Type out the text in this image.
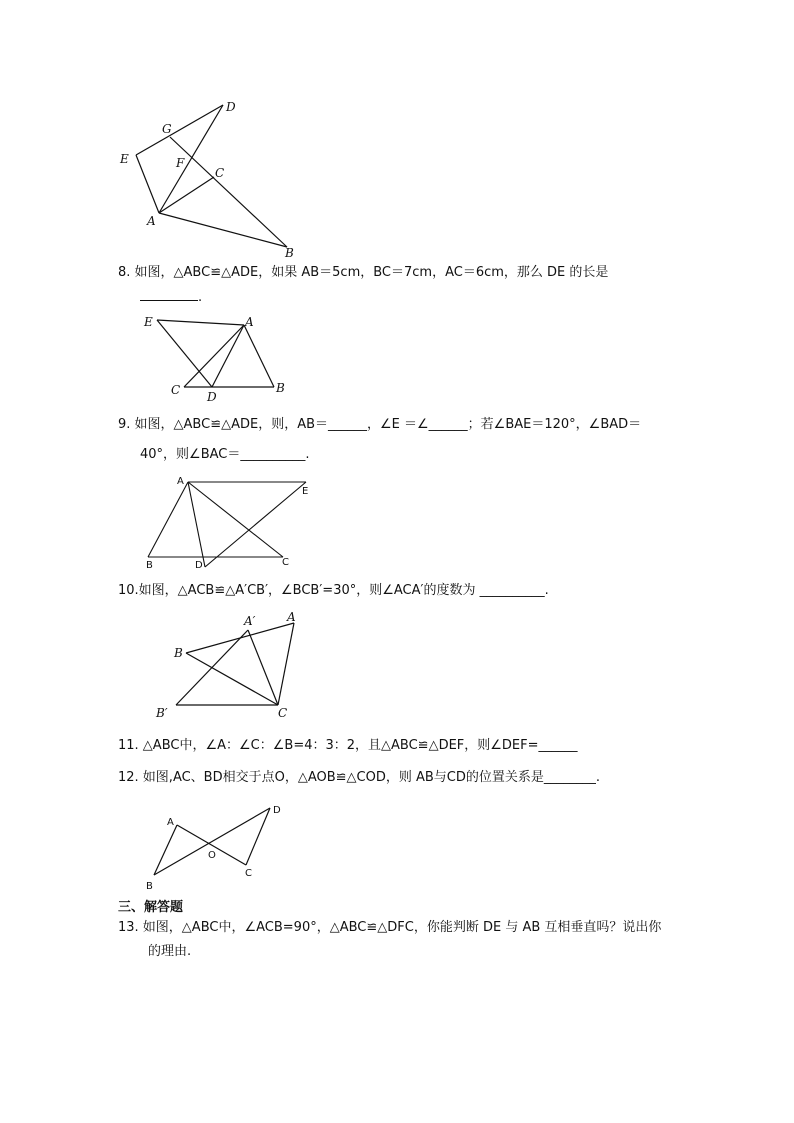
D
G
E	F
C
A
B
8. 如图，△ABC≌△ADE，如果 AB＝5cm，BC＝7cm，AC＝6cm，那么 DE 的长是
.
E	A
C D
B
9. 如图，△ABC≌△ADE，则，AB＝______，∠E ＝∠______；若∠BAE＝120°，∠BAD＝
40°，则∠BAC＝__________.
A
E
B	D	C
10.如图，△ACB≌△A′CB′，∠BCB′=30°，则∠ACA′的度数为 __________.
A′	A
B
B′	C
11. △ABC中，∠A：∠C：∠B=4：3：2，且△ABC≌△DEF，则∠DEF=______
12. 如图,AC、BD相交于点O，△AOB≌△COD，则 AB与CD的位置关系是________.
A
D
O
B
C
三、解答题
13. 如图，△ABC中，∠ACB=90°，△ABC≌△DFC，你能判断 DE 与 AB 互相垂直吗？说出你
的理由.
